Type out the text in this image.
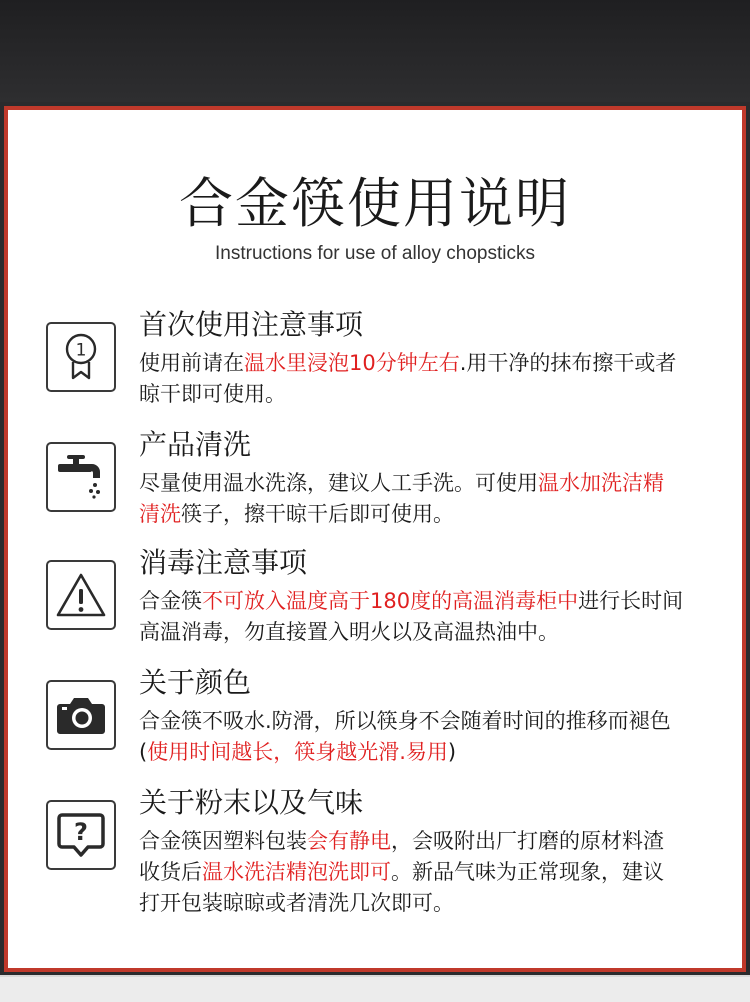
合金筷使用说明
Instructions for use of alloy chopsticks
1
首次使用注意事项
使用前请在温水里浸泡10分钟左右.用干净的抹布擦干或者
晾干即可使用。
产品清洗
尽量使用温水洗涤，建议人工手洗。可使用温水加洗洁精
清洗筷子，擦干晾干后即可使用。
消毒注意事项
合金筷不可放入温度高于180度的高温消毒柜中进行长时间
高温消毒，勿直接置入明火以及高温热油中。
关于颜色
合金筷不吸水.防滑，所以筷身不会随着时间的推移而褪色
(使用时间越长，筷身越光滑.易用)
?
关于粉末以及气味
合金筷因塑料包装会有静电，会吸附出厂打磨的原材料渣
收货后温水洗洁精泡洗即可。新品气味为正常现象，建议
打开包装晾晾或者清洗几次即可。
